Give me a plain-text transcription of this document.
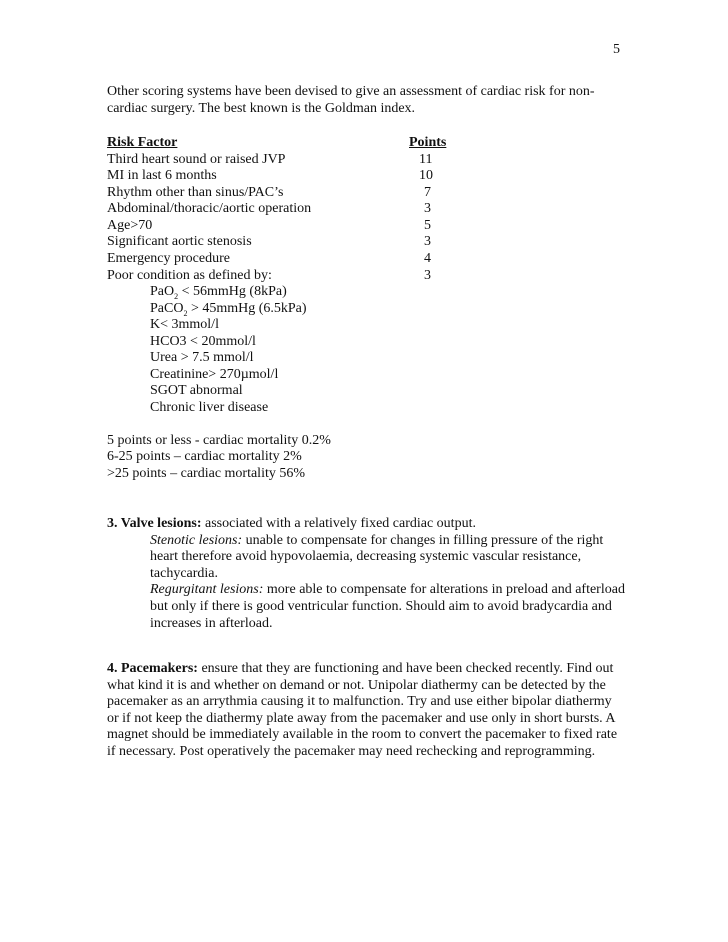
5

Other scoring systems have been devised to give an assessment of cardiac risk for non-cardiac surgery. The best known is the Goldman index.

Risk Factor	Points
Third heart sound or raised JVP	11
MI in last 6 months	10
Rhythm other than sinus/PAC’s	7
Abdominal/thoracic/aortic operation	3
Age>70	5
Significant aortic stenosis	3
Emergency procedure	4
Poor condition as defined by:	3
PaO$_2$ < 56mmHg (8kPa)
PaCO$_2$ > 45mmHg (6.5kPa)
K< 3mmol/l
HCO3 < 20mmol/l
Urea > 7.5 mmol/l
Creatinine> 270µmol/l
SGOT abnormal
Chronic liver disease
5 points or less - cardiac mortality 0.2%
6-25 points – cardiac mortality 2%
>25 points – cardiac mortality 56%
3. Valve lesions: associated with a relatively fixed cardiac output.
Stenotic lesions: unable to compensate for changes in filling pressure of the right heart therefore avoid hypovolaemia, decreasing systemic vascular resistance, tachycardia.
Regurgitant lesions: more able to compensate for alterations in preload and afterload but only if there is good ventricular function. Should aim to avoid bradycardia and increases in afterload.

4. Pacemakers: ensure that they are functioning and have been checked recently. Find out what kind it is and whether on demand or not. Unipolar diathermy can be detected by the pacemaker as an arrythmia causing it to malfunction. Try and use either bipolar diathermy or if not keep the diathermy plate away from the pacemaker and use only in short bursts. A magnet should be immediately available in the room to convert the pacemaker to fixed rate if necessary. Post operatively the pacemaker may need rechecking and reprogramming.
